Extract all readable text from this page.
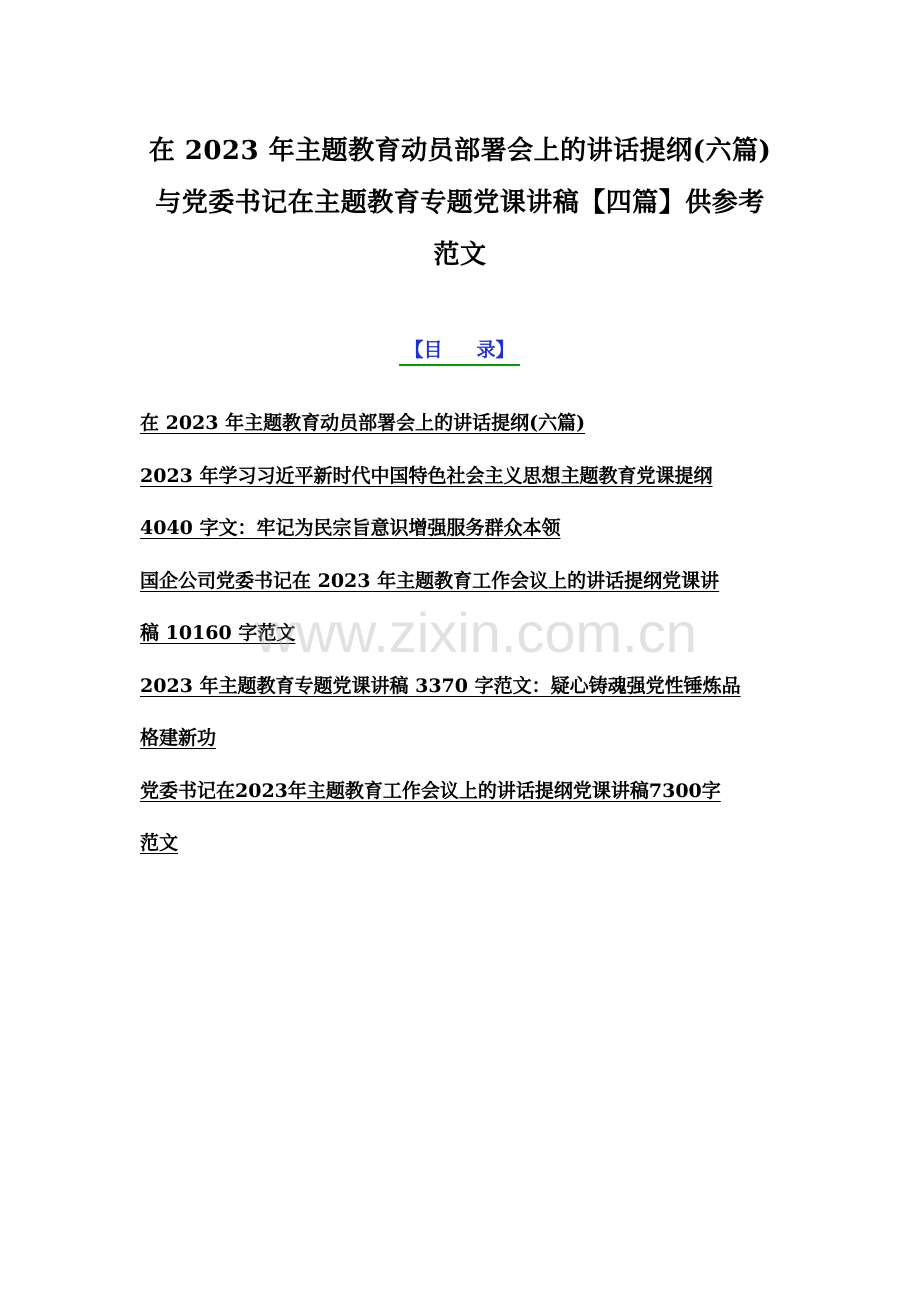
在 2023 年主题教育动员部署会上的讲话提纲(六篇)
与党委书记在主题教育专题党课讲稿【四篇】供参考
范文
【目 录】
在 2023 年主题教育动员部署会上的讲话提纲(六篇)
2023 年学习习近平新时代中国特色社会主义思想主题教育党课提纲
4040 字文：牢记为民宗旨意识增强服务群众本领
国企公司党委书记在 2023 年主题教育工作会议上的讲话提纲党课讲
稿 10160 字范文
2023 年主题教育专题党课讲稿 3370 字范文：疑心铸魂强党性锤炼品
格建新功
党委书记在2023年主题教育工作会议上的讲话提纲党课讲稿7300字
范文
www.zixin.com.cn
